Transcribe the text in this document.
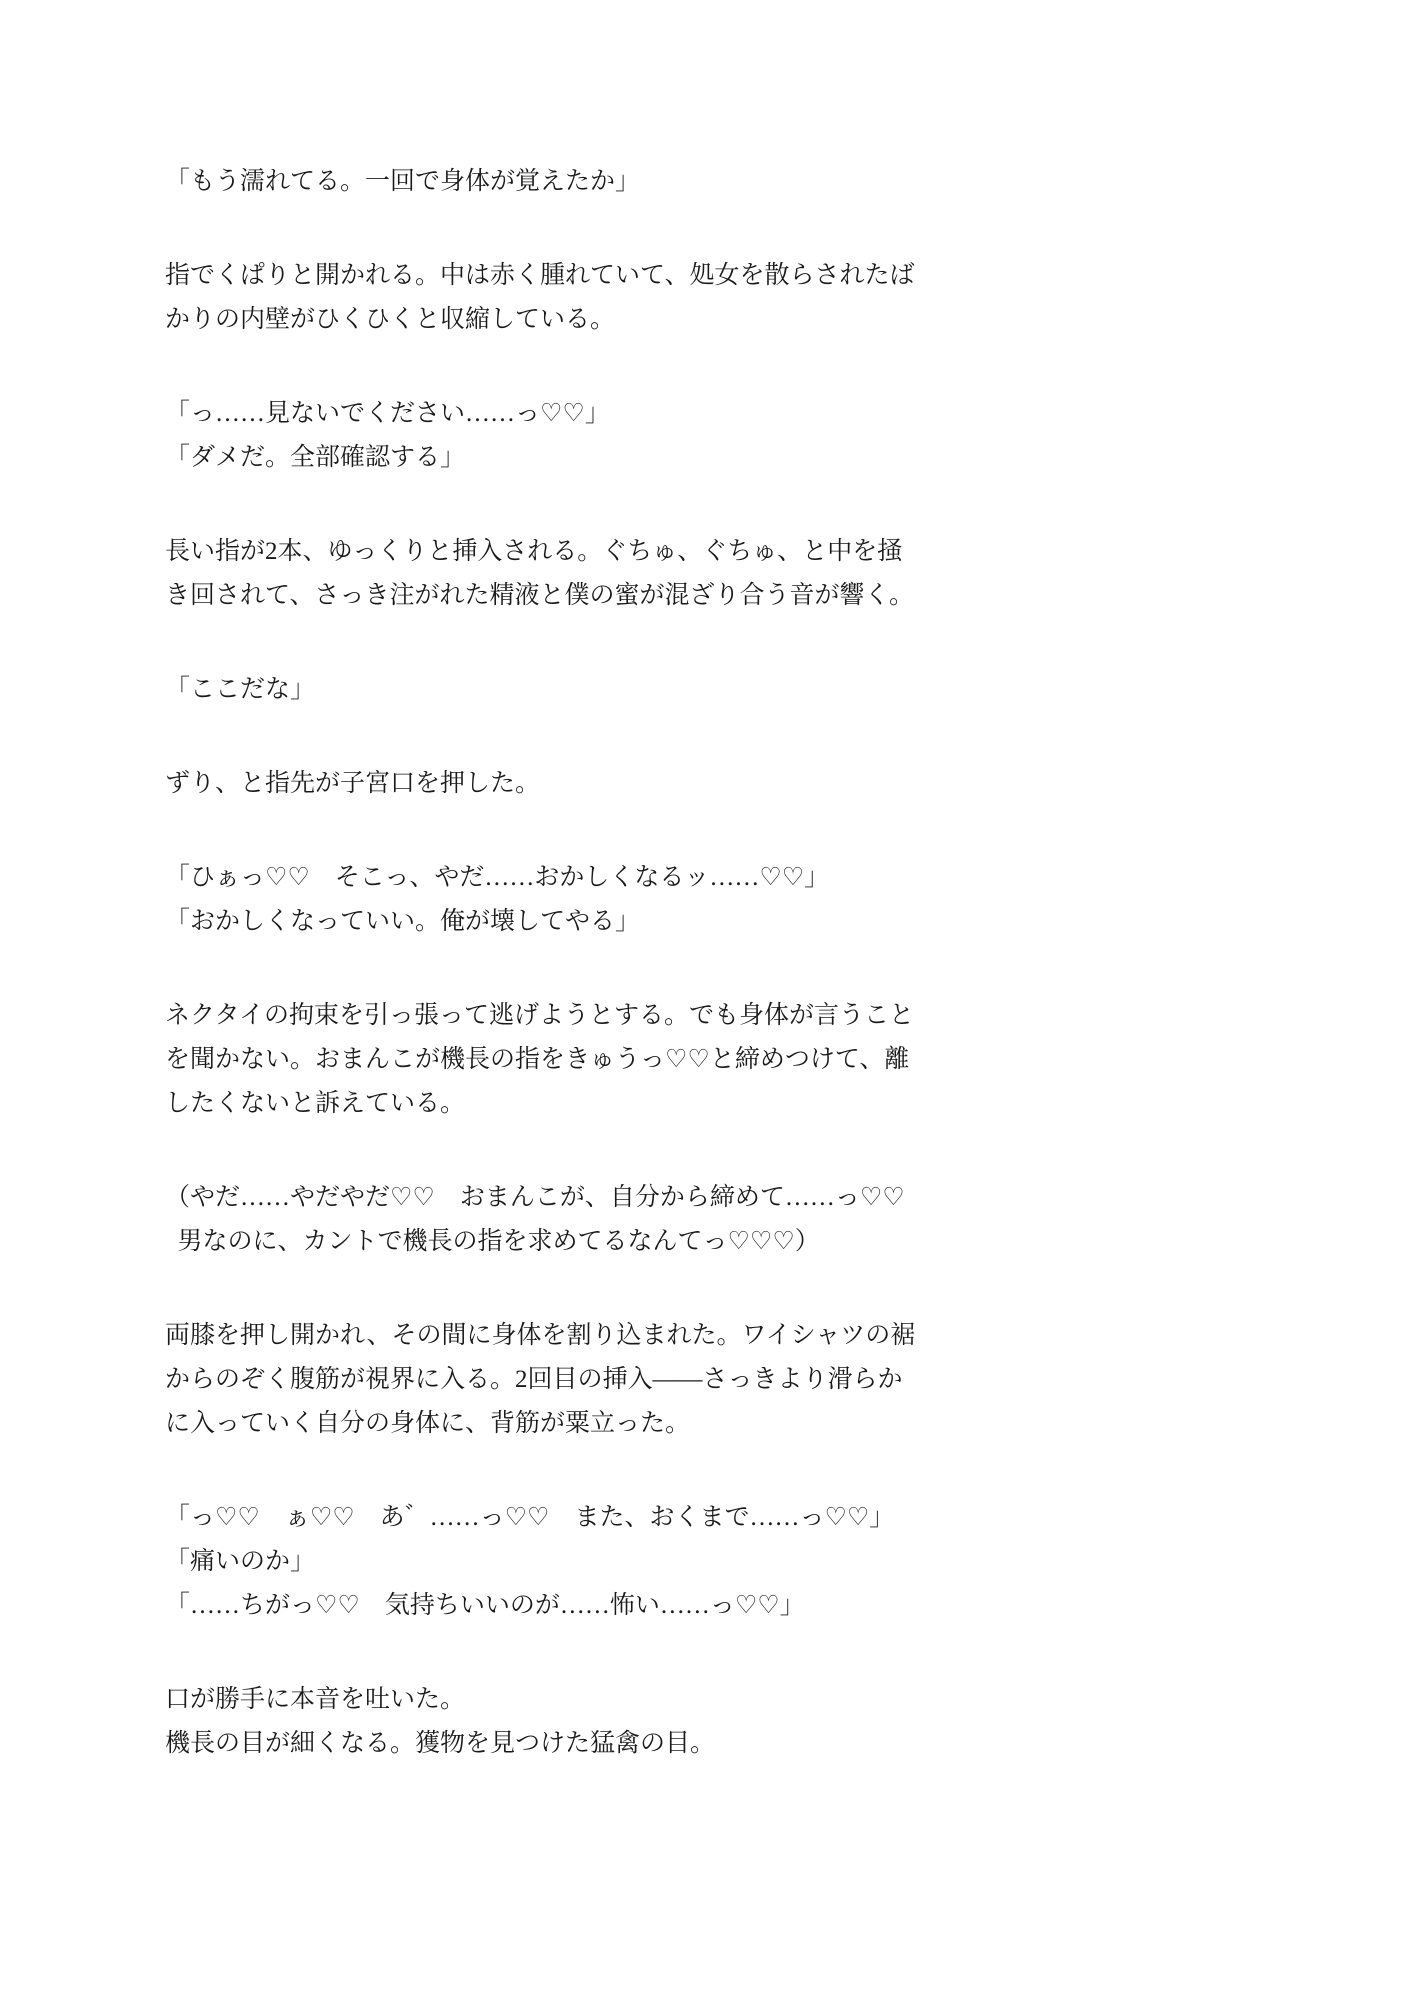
「もう濡れてる。一回で身体が覚えたか」
指でくぱりと開かれる。中は赤く腫れていて、処女を散らされたば
かりの内壁がひくひくと収縮している。
「っ……見ないでください……っ♡♡」
「ダメだ。全部確認する」
長い指が2本、ゆっくりと挿入される。ぐちゅ、ぐちゅ、と中を掻
き回されて、さっき注がれた精液と僕の蜜が混ざり合う音が響く。
「ここだな」
ずり、と指先が子宮口を押した。
「ひぁっ♡♡　そこっ、やだ……おかしくなるッ……♡♡」
「おかしくなっていい。俺が壊してやる」
ネクタイの拘束を引っ張って逃げようとする。でも身体が言うこと
を聞かない。おまんこが機長の指をきゅうっ♡♡と締めつけて、離
したくないと訴えている。
（やだ……やだやだ♡♡　おまんこが、自分から締めて……っ♡♡
 男なのに、カントで機長の指を求めてるなんてっ♡♡♡）
両膝を押し開かれ、その間に身体を割り込まれた。ワイシャツの裾
からのぞく腹筋が視界に入る。2回目の挿入――さっきより滑らか
に入っていく自分の身体に、背筋が粟立った。
「っ♡♡　ぁ♡♡　あ゛……っ♡♡　また、おくまで……っ♡♡」
「痛いのか」
「……ちがっ♡♡　気持ちいいのが……怖い……っ♡♡」
口が勝手に本音を吐いた。
機長の目が細くなる。獲物を見つけた猛禽の目。
